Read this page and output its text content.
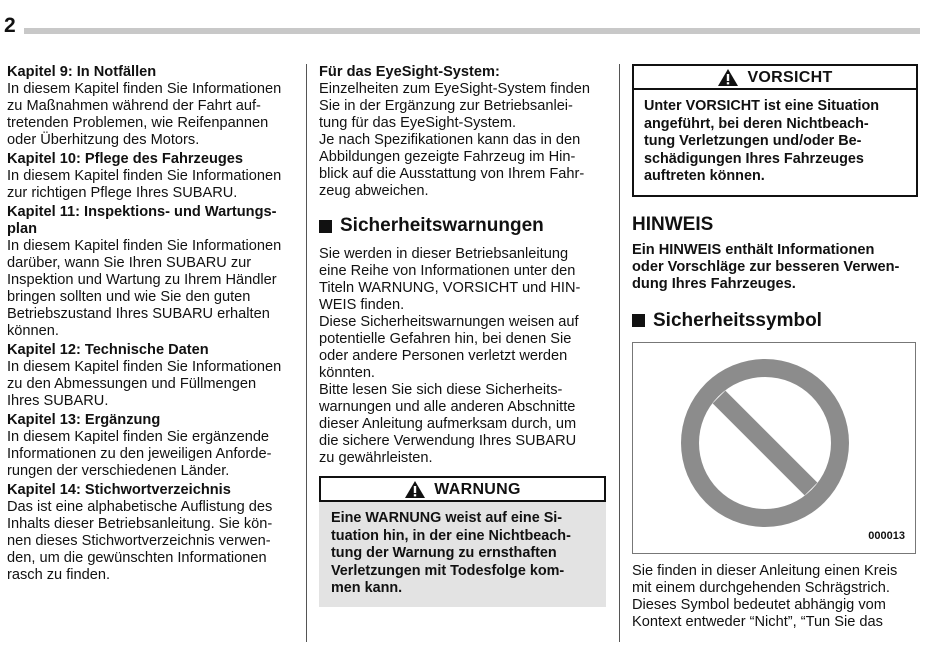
2
Kapitel 9: In Notfällen

In diesem Kapitel finden Sie Informationen
zu Maßnahmen während der Fahrt auf-
tretenden Problemen, wie Reifenpannen
oder Überhitzung des Motors.

Kapitel 10: Pflege des Fahrzeuges

In diesem Kapitel finden Sie Informationen
zur richtigen Pflege Ihres SUBARU.

Kapitel 11: Inspektions- und Wartungs-
plan

In diesem Kapitel finden Sie Informationen
darüber, wann Sie Ihren SUBARU zur
Inspektion und Wartung zu Ihrem Händler
bringen sollten und wie Sie den guten
Betriebszustand Ihres SUBARU erhalten
können.

Kapitel 12: Technische Daten

In diesem Kapitel finden Sie Informationen
zu den Abmessungen und Füllmengen
Ihres SUBARU.

Kapitel 13: Ergänzung

In diesem Kapitel finden Sie ergänzende
Informationen zu den jeweiligen Anforde-
rungen der verschiedenen Länder.

Kapitel 14: Stichwortverzeichnis

Das ist eine alphabetische Auflistung des
Inhalts dieser Betriebsanleitung. Sie kön-
nen dieses Stichwortverzeichnis verwen-
den, um die gewünschten Informationen
rasch zu finden.

Für das EyeSight-System:

Einzelheiten zum EyeSight-System finden
Sie in der Ergänzung zur Betriebsanlei-
tung für das EyeSight-System.

Je nach Spezifikationen kann das in den
Abbildungen gezeigte Fahrzeug im Hin-
blick auf die Ausstattung von Ihrem Fahr-
zeug abweichen.

Sicherheitswarnungen

Sie werden in dieser Betriebsanleitung
eine Reihe von Informationen unter den
Titeln WARNUNG, VORSICHT und HIN-
WEIS finden.

Diese Sicherheitswarnungen weisen auf
potentielle Gefahren hin, bei denen Sie
oder andere Personen verletzt werden
könnten.

Bitte lesen Sie sich diese Sicherheits-
warnungen und alle anderen Abschnitte
dieser Anleitung aufmerksam durch, um
die sichere Verwendung Ihres SUBARU
zu gewährleisten.

WARNUNG
Eine WARNUNG weist auf eine Si-
tuation hin, in der eine Nichtbeach-
tung der Warnung zu ernsthaften
Verletzungen mit Todesfolge kom-
men kann.
VORSICHT
Unter VORSICHT ist eine Situation
angeführt, bei deren Nichtbeach-
tung Verletzungen und/oder Be-
schädigungen Ihres Fahrzeuges
auftreten können.
HINWEIS

Ein HINWEIS enthält Informationen
oder Vorschläge zur besseren Verwen-
dung Ihres Fahrzeuges.

Sicherheitssymbol
000013

Sie finden in dieser Anleitung einen Kreis
mit einem durchgehenden Schrägstrich.
Dieses Symbol bedeutet abhängig vom
Kontext entweder “Nicht”, “Tun Sie das
